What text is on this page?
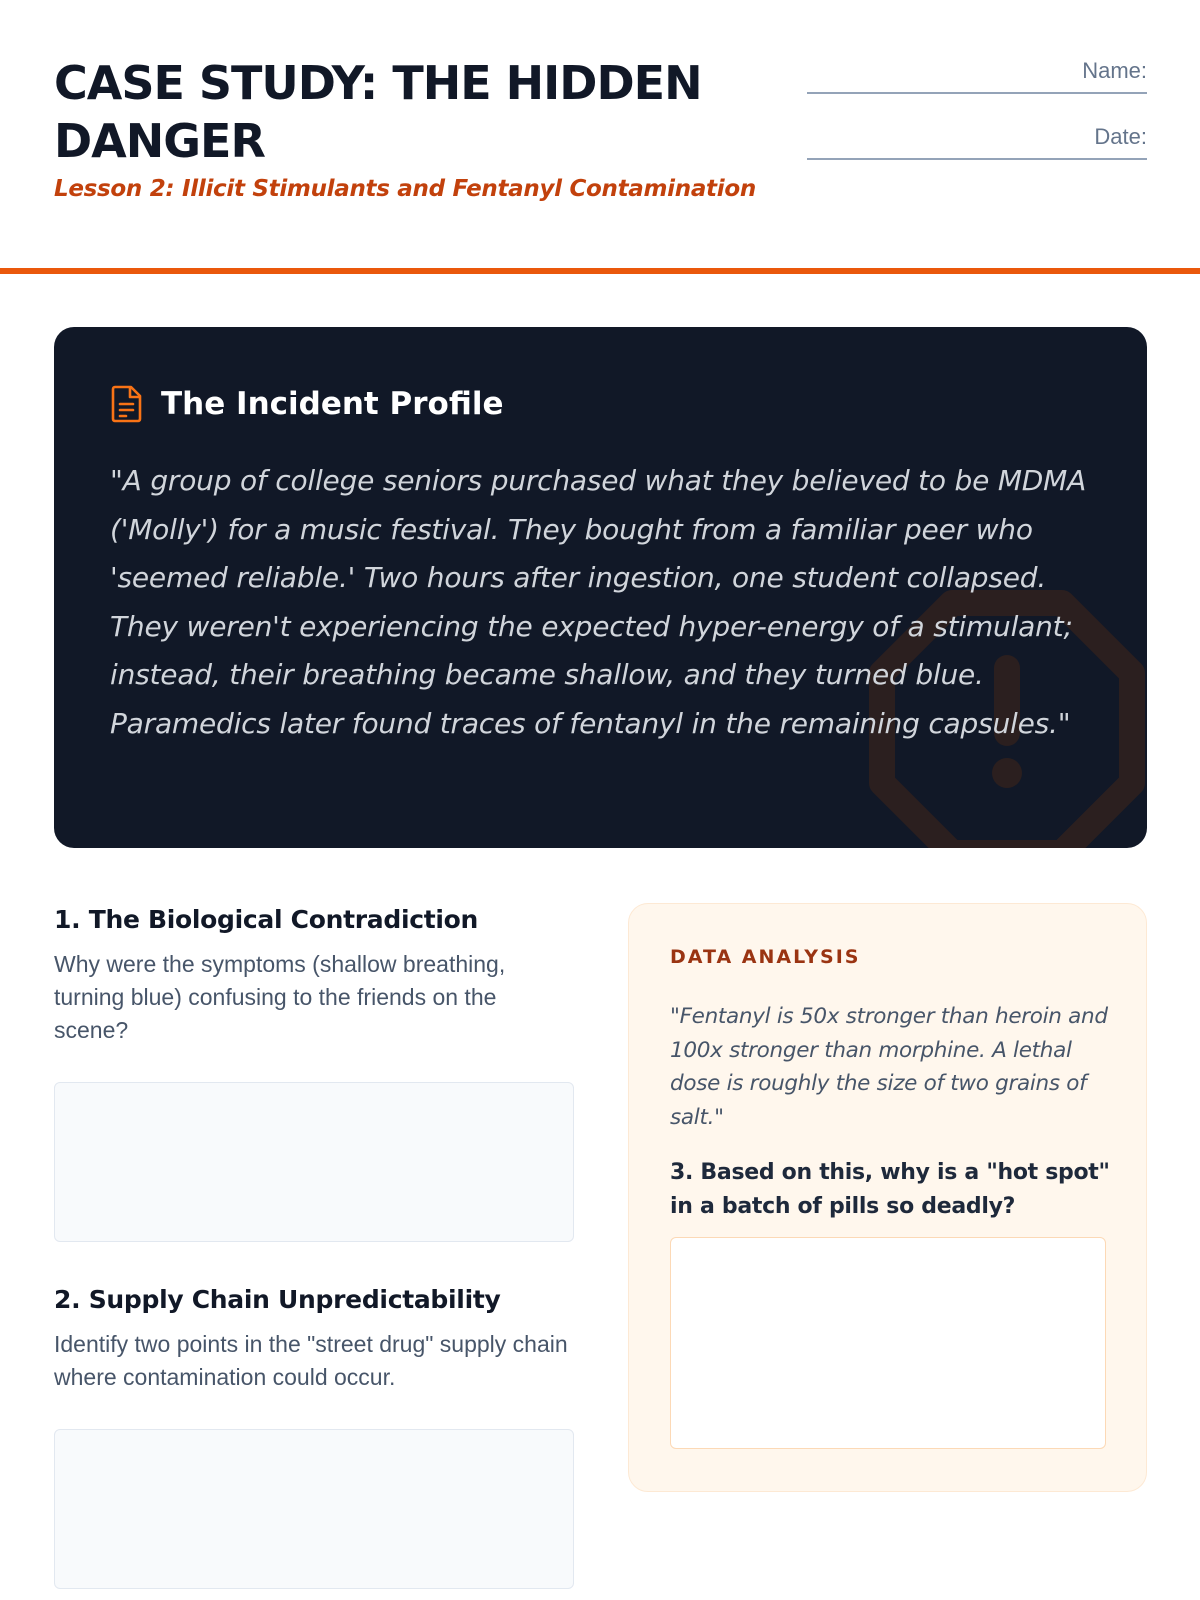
CASE STUDY: THE HIDDEN DANGER
Lesson 2: Illicit Stimulants and Fentanyl Contamination
Name:
Date:
The Incident Profile

"A group of college seniors purchased what they believed to be MDMA ('Molly') for a music festival. They bought from a familiar peer who 'seemed reliable.' Two hours after ingestion, one student collapsed. They weren't experiencing the expected hyper-energy of a stimulant; instead, their breathing became shallow, and they turned blue. Paramedics later found traces of fentanyl in the remaining capsules."

1. The Biological Contradiction

Why were the symptoms (shallow breathing, turning blue) confusing to the friends on the scene?

2. Supply Chain Unpredictability

Identify two points in the "street drug" supply chain where contamination could occur.

DATA ANALYSIS

"Fentanyl is 50x stronger than heroin and 100x stronger than morphine. A lethal dose is roughly the size of two grains of salt."

3. Based on this, why is a "hot spot" in a batch of pills so deadly?
